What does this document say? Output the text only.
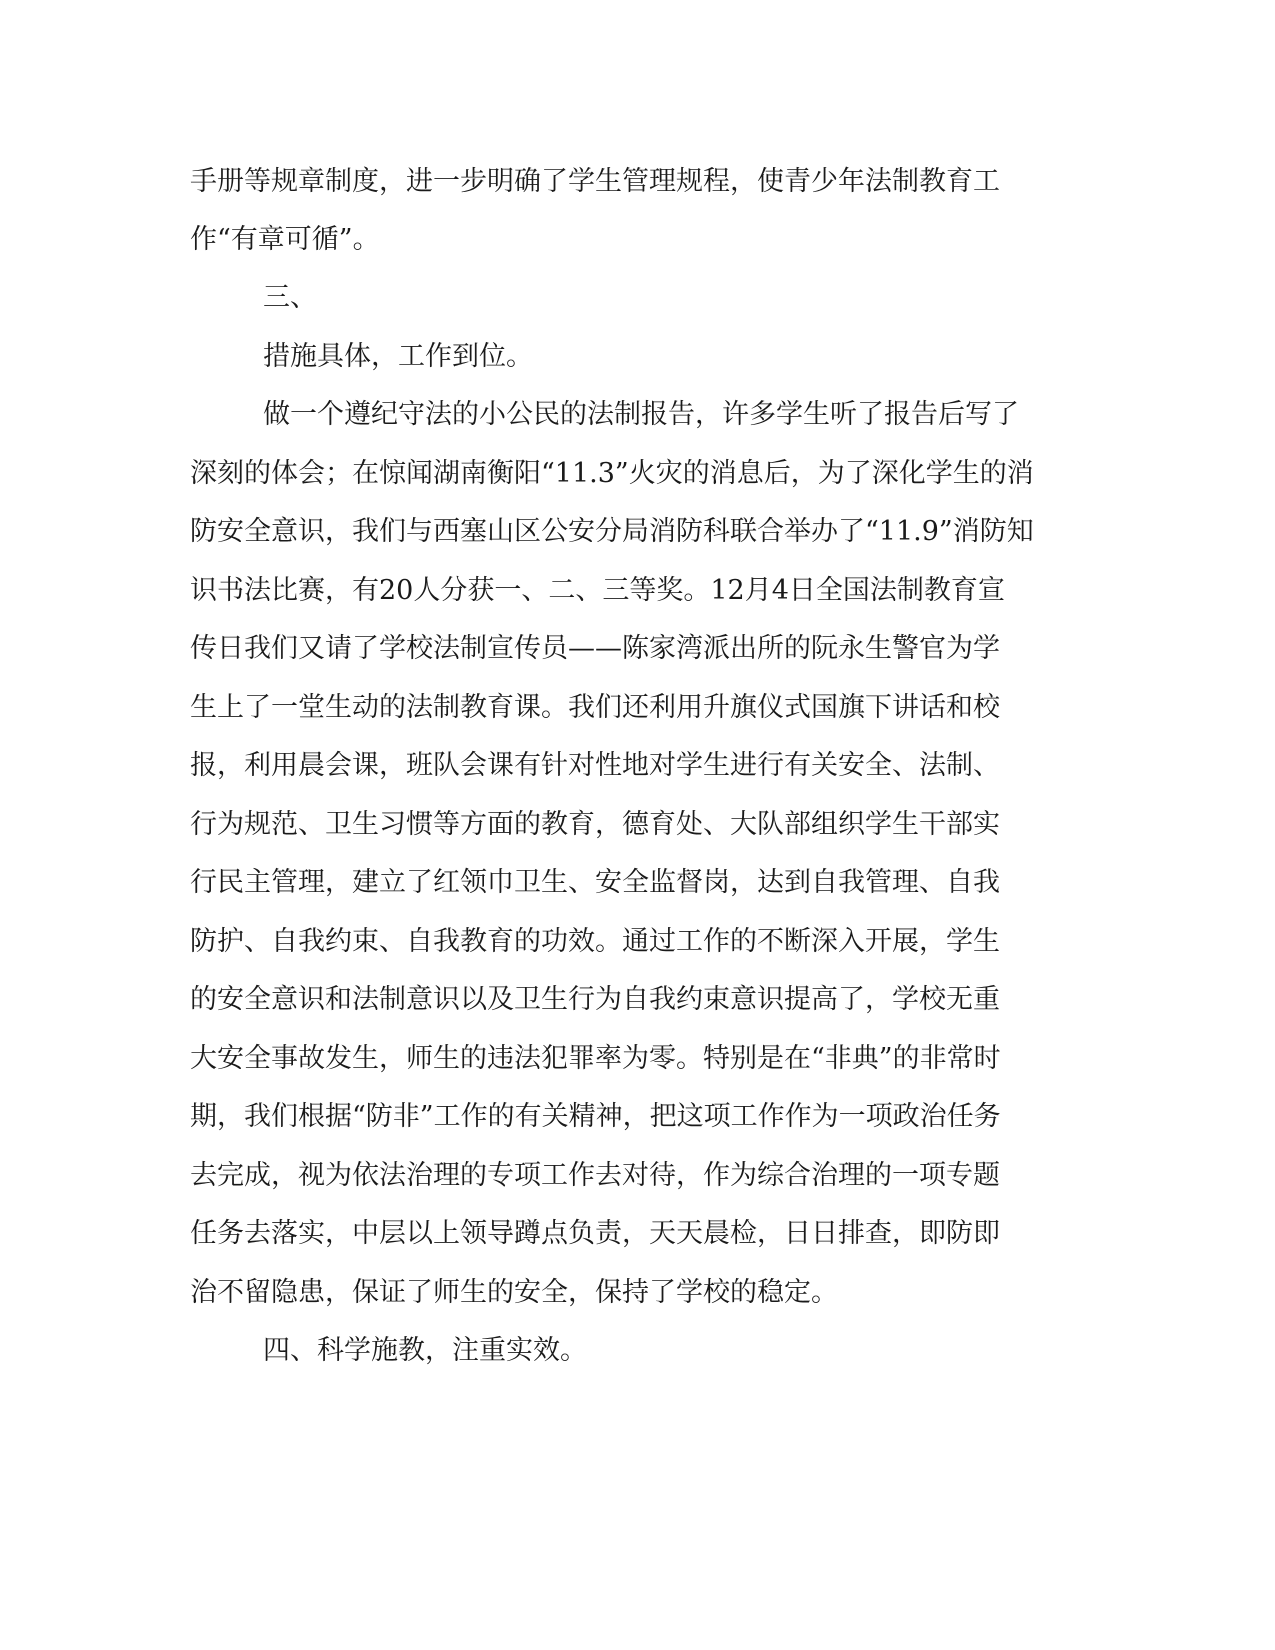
手册等规章制度，进一步明确了学生管理规程，使青少年法制教育工

作“有章可循”。

三、

措施具体，工作到位。

做一个遵纪守法的小公民的法制报告，许多学生听了报告后写了

深刻的体会；在惊闻湖南衡阳“11.3”火灾的消息后，为了深化学生的消

防安全意识，我们与西塞山区公安分局消防科联合举办了“11.9”消防知

识书法比赛，有20人分获一、二、三等奖。12月4日全国法制教育宣

传日我们又请了学校法制宣传员——陈家湾派出所的阮永生警官为学

生上了一堂生动的法制教育课。我们还利用升旗仪式国旗下讲话和校

报，利用晨会课，班队会课有针对性地对学生进行有关安全、法制、

行为规范、卫生习惯等方面的教育，德育处、大队部组织学生干部实

行民主管理，建立了红领巾卫生、安全监督岗，达到自我管理、自我

防护、自我约束、自我教育的功效。通过工作的不断深入开展，学生

的安全意识和法制意识以及卫生行为自我约束意识提高了，学校无重

大安全事故发生，师生的违法犯罪率为零。特别是在“非典”的非常时

期，我们根据“防非”工作的有关精神，把这项工作作为一项政治任务

去完成，视为依法治理的专项工作去对待，作为综合治理的一项专题

任务去落实，中层以上领导蹲点负责，天天晨检，日日排查，即防即

治不留隐患，保证了师生的安全，保持了学校的稳定。

四、科学施教，注重实效。
